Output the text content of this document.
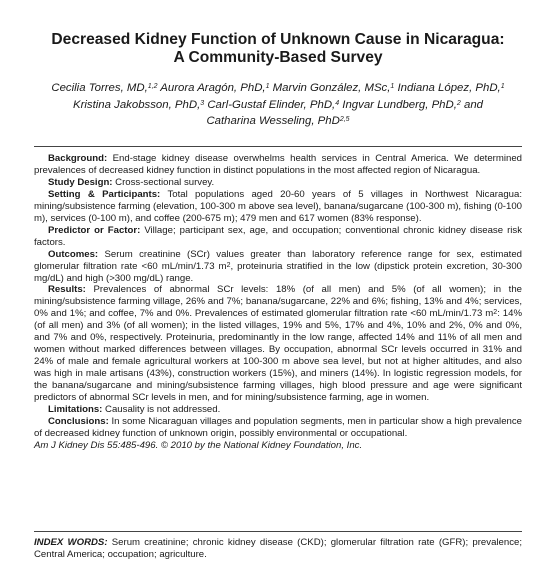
Decreased Kidney Function of Unknown Cause in Nicaragua:
A Community-Based Survey
Cecilia Torres, MD,$^{1,2}$ Aurora Aragón, PhD,$^1$ Marvin González, MSc,$^1$ Indiana López, PhD,$^1$
Kristina Jakobsson, PhD,$^3$ Carl-Gustaf Elinder, PhD,$^4$ Ingvar Lundberg, PhD,$^2$ and
Catharina Wesseling, PhD$^{2,5}$

Background: End-stage kidney disease overwhelms health services in Central America. We determined prevalences of decreased kidney function in distinct populations in the most affected region of Nicaragua.

Study Design: Cross-sectional survey.

Setting & Participants: Total populations aged 20-60 years of 5 villages in Northwest Nicaragua: mining/subsistence farming (elevation, 100-300 m above sea level), banana/sugarcane (100-300 m), fishing (0-100 m), services (0-100 m), and coffee (200-675 m); 479 men and 617 women (83% response).

Predictor or Factor: Village; participant sex, age, and occupation; conventional chronic kidney disease risk factors.

Outcomes: Serum creatinine (SCr) values greater than laboratory reference range for sex, estimated glomerular filtration rate <60 mL/min/1.73 $m^2$, proteinuria stratified in the low (dipstick protein excretion, 30-300 mg/dL) and high (>300 mg/dL) range.

Results: Prevalences of abnormal SCr levels: 18% (of all men) and 5% (of all women); in the mining/subsistence farming village, 26% and 7%; banana/sugarcane, 22% and 6%; fishing, 13% and 4%; services, 0% and 1%; and coffee, 7% and 0%. Prevalences of estimated glomerular filtration rate <60 mL/min/1.73 $m^2$: 14% (of all men) and 3% (of all women); in the listed villages, 19% and 5%, 17% and 4%, 10% and 2%, 0% and 0%, and 7% and 0%, respectively. Proteinuria, predominantly in the low range, affected 14% and 11% of all men and women without marked differences between villages. By occupation, abnormal SCr levels occurred in 31% and 24% of male and female agricultural workers at 100-300 m above sea level, but not at higher altitudes, and also was high in male artisans (43%), construction workers (15%), and miners (14%). In logistic regression models, for the banana/sugarcane and mining/subsistence farming villages, high blood pressure and age were significant predictors of abnormal SCr levels in men, and for mining/subsistence farming, age in women.

Limitations: Causality is not addressed.

Conclusions: In some Nicaraguan villages and population segments, men in particular show a high prevalence of decreased kidney function of unknown origin, possibly environmental or occupational.

Am J Kidney Dis 55:485-496. © 2010 by the National Kidney Foundation, Inc.

INDEX WORDS: Serum creatinine; chronic kidney disease (CKD); glomerular filtration rate (GFR); prevalence; Central America; occupation; agriculture.
